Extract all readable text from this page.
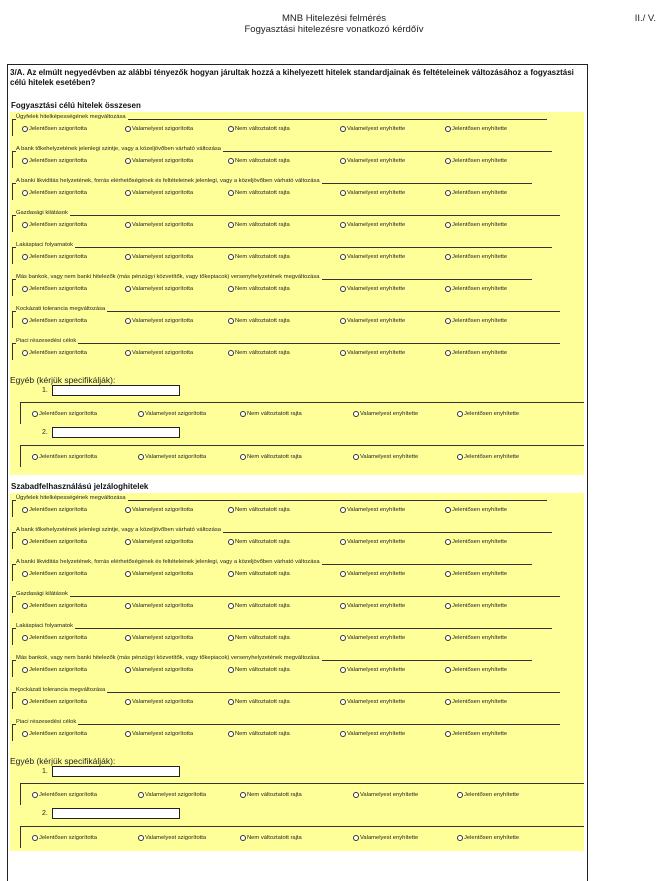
MNB Hitelezési felmérés
Fogyasztási hitelezésre vonatkozó kérdőív
II./ V.
3/A. Az elmúlt negyedévben az alábbi tényezők hogyan járultak hozzá a kihelyezett hitelek standardjainak és feltételeinek változásához a fogyasztási célú hitelek esetében?
Fogyasztási célú hitelek összesen
Ügyfelek hitelképességének megváltozása
Jelentősen szigorította	Valamelyest szigorította	Nem változtatott rajta	Valamelyest enyhítette	Jelentősen enyhítette
A bank tőkehelyzetének jelenlegi szintje, vagy a közeljövőben várható változása
Jelentősen szigorította	Valamelyest szigorította	Nem változtatott rajta	Valamelyest enyhítette	Jelentősen enyhítette
A banki likviditás helyzetének, forrás elérhetőségének és feltételeinek jelenlegi, vagy a közeljövőben várható változása
Jelentősen szigorította	Valamelyest szigorította	Nem változtatott rajta	Valamelyest enyhítette	Jelentősen enyhítette
Gazdasági kilátások
Jelentősen szigorította	Valamelyest szigorította	Nem változtatott rajta	Valamelyest enyhítette	Jelentősen enyhítette
Lakáspiaci folyamatok
Jelentősen szigorította	Valamelyest szigorította	Nem változtatott rajta	Valamelyest enyhítette	Jelentősen enyhítette
Más bankok, vagy nem banki hitelezők (más pénzügyi közvetítők, vagy tőkepiacok) versenyhelyzetének megváltozása
Jelentősen szigorította	Valamelyest szigorította	Nem változtatott rajta	Valamelyest enyhítette	Jelentősen enyhítette
Kockázati tolerancia megváltozása
Jelentősen szigorította	Valamelyest szigorította	Nem változtatott rajta	Valamelyest enyhítette	Jelentősen enyhítette
Piaci részesedési célok
Jelentősen szigorította	Valamelyest szigorította	Nem változtatott rajta	Valamelyest enyhítette	Jelentősen enyhítette
Egyéb (kérjük specifikálják):
1.
Jelentősen szigorította	Valamelyest szigorította	Nem változtatott rajta	Valamelyest enyhítette	Jelentősen enyhítette
2.
Jelentősen szigorította	Valamelyest szigorította	Nem változtatott rajta	Valamelyest enyhítette	Jelentősen enyhítette
Szabadfelhasználású jelzáloghitelek
Ügyfelek hitelképességének megváltozása
Jelentősen szigorította	Valamelyest szigorította	Nem változtatott rajta	Valamelyest enyhítette	Jelentősen enyhítette
A bank tőkehelyzetének jelenlegi szintje, vagy a közeljövőben várható változása
Jelentősen szigorította	Valamelyest szigorította	Nem változtatott rajta	Valamelyest enyhítette	Jelentősen enyhítette
A banki likviditás helyzetének, forrás elérhetőségének és feltételeinek jelenlegi, vagy a közeljövőben várható változása
Jelentősen szigorította	Valamelyest szigorította	Nem változtatott rajta	Valamelyest enyhítette	Jelentősen enyhítette
Gazdasági kilátások
Jelentősen szigorította	Valamelyest szigorította	Nem változtatott rajta	Valamelyest enyhítette	Jelentősen enyhítette
Lakáspiaci folyamatok
Jelentősen szigorította	Valamelyest szigorította	Nem változtatott rajta	Valamelyest enyhítette	Jelentősen enyhítette
Más bankok, vagy nem banki hitelezők (más pénzügyi közvetítők, vagy tőkepiacok) versenyhelyzetének megváltozása
Jelentősen szigorította	Valamelyest szigorította	Nem változtatott rajta	Valamelyest enyhítette	Jelentősen enyhítette
Kockázati tolerancia megváltozása
Jelentősen szigorította	Valamelyest szigorította	Nem változtatott rajta	Valamelyest enyhítette	Jelentősen enyhítette
Piaci részesedési célok
Jelentősen szigorította	Valamelyest szigorította	Nem változtatott rajta	Valamelyest enyhítette	Jelentősen enyhítette
Egyéb (kérjük specifikálják):
1.
Jelentősen szigorította	Valamelyest szigorította	Nem változtatott rajta	Valamelyest enyhítette	Jelentősen enyhítette
2.
Jelentősen szigorította	Valamelyest szigorította	Nem változtatott rajta	Valamelyest enyhítette	Jelentősen enyhítette
